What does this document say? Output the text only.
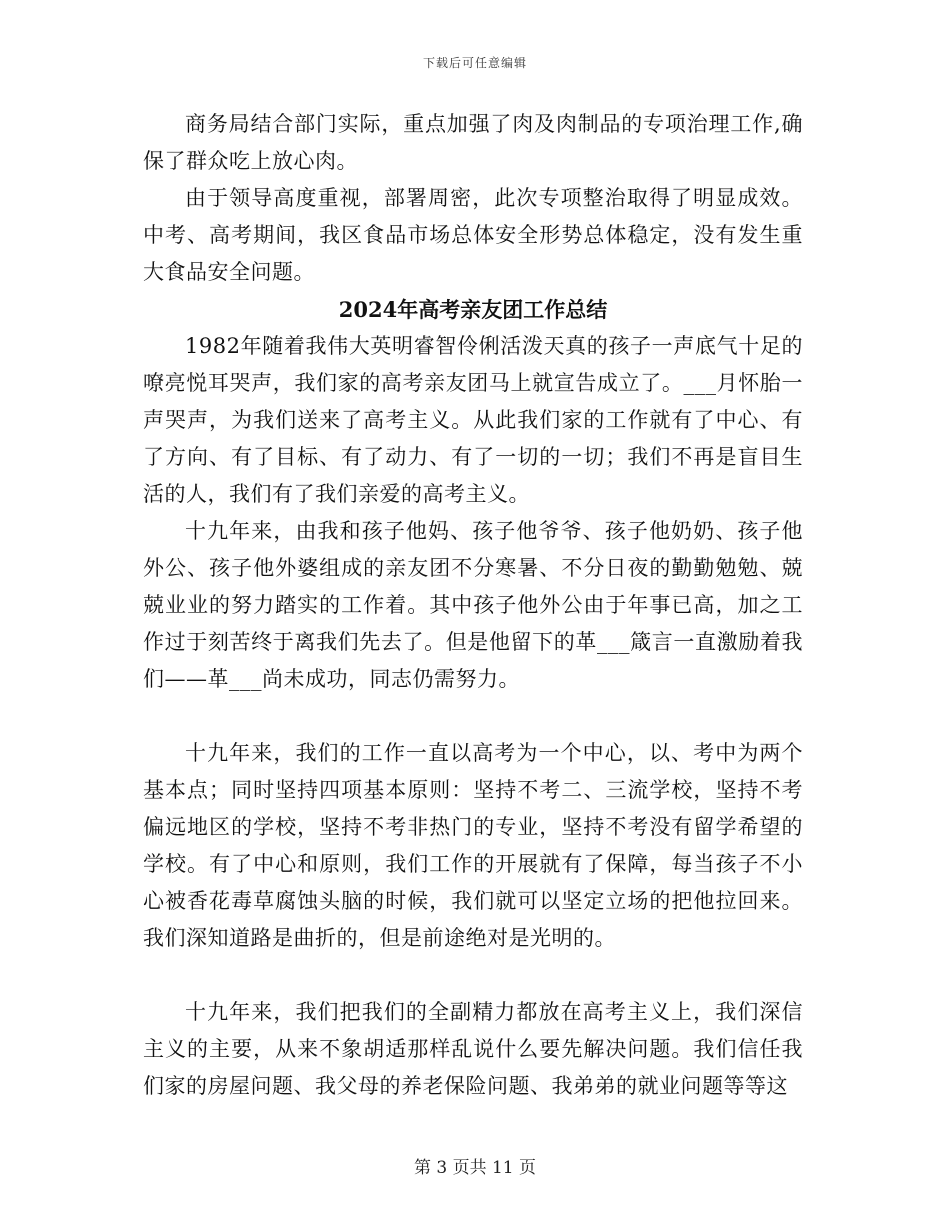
下载后可任意编辑

商务局结合部门实际，重点加强了肉及肉制品的专项治理工作,确保了群众吃上放心肉。

由于领导高度重视，部署周密，此次专项整治取得了明显成效。中考、高考期间，我区食品市场总体安全形势总体稳定，没有发生重大食品安全问题。

2024年高考亲友团工作总结

1982年随着我伟大英明睿智伶俐活泼天真的孩子一声底气十足的嘹亮悦耳哭声，我们家的高考亲友团马上就宣告成立了。___月怀胎一声哭声，为我们送来了高考主义。从此我们家的工作就有了中心、有了方向、有了目标、有了动力、有了一切的一切；我们不再是盲目生活的人，我们有了我们亲爱的高考主义。

十九年来，由我和孩子他妈、孩子他爷爷、孩子他奶奶、孩子他外公、孩子他外婆组成的亲友团不分寒暑、不分日夜的勤勤勉勉、兢兢业业的努力踏实的工作着。其中孩子他外公由于年事已高，加之工作过于刻苦终于离我们先去了。但是他留下的革___箴言一直激励着我们——革___尚未成功，同志仍需努力。

十九年来，我们的工作一直以高考为一个中心，以、考中为两个基本点；同时坚持四项基本原则：坚持不考二、三流学校，坚持不考偏远地区的学校，坚持不考非热门的专业，坚持不考没有留学希望的学校。有了中心和原则，我们工作的开展就有了保障，每当孩子不小心被香花毒草腐蚀头脑的时候，我们就可以坚定立场的把他拉回来。我们深知道路是曲折的，但是前途绝对是光明的。

十九年来，我们把我们的全副精力都放在高考主义上，我们深信主义的主要，从来不象胡适那样乱说什么要先解决问题。我们信任我们家的房屋问题、我父母的养老保险问题、我弟弟的就业问题等等这

第 3 页共 11 页
